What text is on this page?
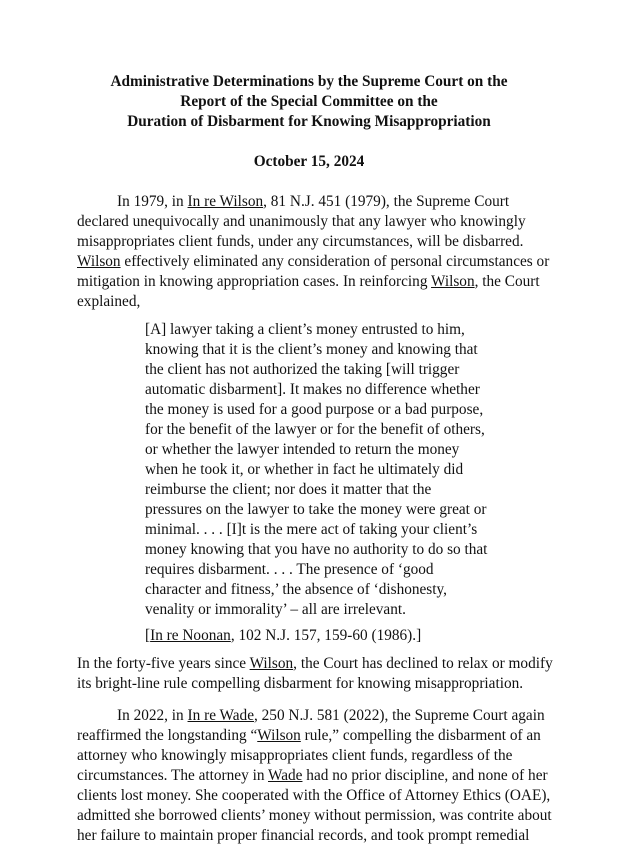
Administrative Determinations by the Supreme Court on the
Report of the Special Committee on the
Duration of Disbarment for Knowing Misappropriation
October 15, 2024
In 1979, in In re Wilson, 81 N.J. 451 (1979), the Supreme Court
declared unequivocally and unanimously that any lawyer who knowingly
misappropriates client funds, under any circumstances, will be disbarred.
Wilson effectively eliminated any consideration of personal circumstances or
mitigation in knowing appropriation cases. In reinforcing Wilson, the Court
explained,
[A] lawyer taking a client’s money entrusted to him,
knowing that it is the client’s money and knowing that
the client has not authorized the taking [will trigger
automatic disbarment]. It makes no difference whether
the money is used for a good purpose or a bad purpose,
for the benefit of the lawyer or for the benefit of others,
or whether the lawyer intended to return the money
when he took it, or whether in fact he ultimately did
reimburse the client; nor does it matter that the
pressures on the lawyer to take the money were great or
minimal. . . . [I]t is the mere act of taking your client’s
money knowing that you have no authority to do so that
requires disbarment. . . . The presence of ‘good
character and fitness,’ the absence of ‘dishonesty,
venality or immorality’ – all are irrelevant.
[In re Noonan, 102 N.J. 157, 159-60 (1986).]
In the forty-five years since Wilson, the Court has declined to relax or modify
its bright-line rule compelling disbarment for knowing misappropriation.
In 2022, in In re Wade, 250 N.J. 581 (2022), the Supreme Court again
reaffirmed the longstanding “Wilson rule,” compelling the disbarment of an
attorney who knowingly misappropriates client funds, regardless of the
circumstances. The attorney in Wade had no prior discipline, and none of her
clients lost money. She cooperated with the Office of Attorney Ethics (OAE),
admitted she borrowed clients’ money without permission, was contrite about
her failure to maintain proper financial records, and took prompt remedial
